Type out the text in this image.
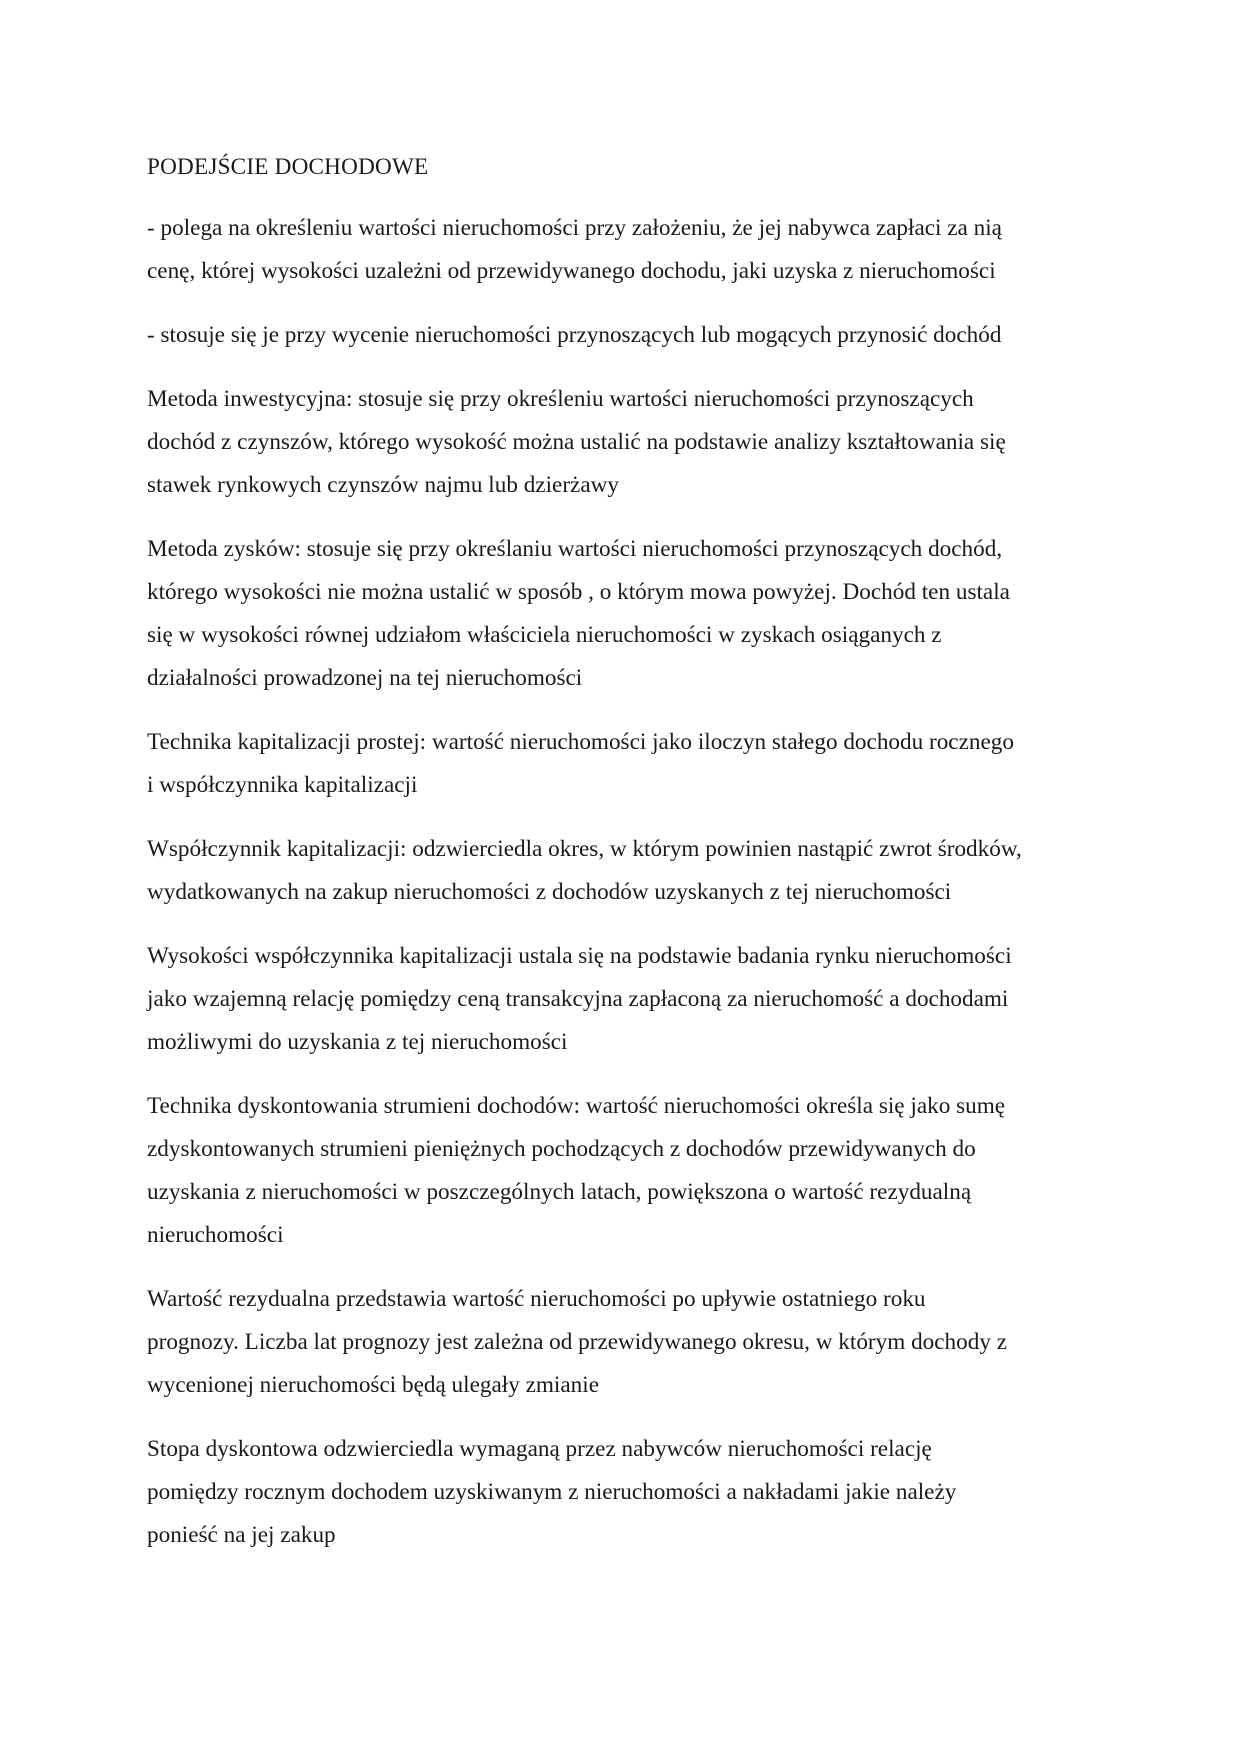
PODEJŚCIE DOCHODOWE

- polega na określeniu wartości nieruchomości przy założeniu, że jej nabywca zapłaci za nią
cenę, której wysokości uzależni od przewidywanego dochodu, jaki uzyska z nieruchomości

- stosuje się je przy wycenie nieruchomości przynoszących lub mogących przynosić dochód

Metoda inwestycyjna: stosuje się przy określeniu wartości nieruchomości przynoszących
dochód z czynszów, którego wysokość można ustalić na podstawie analizy kształtowania się
stawek rynkowych czynszów najmu lub dzierżawy

Metoda zysków: stosuje się przy określaniu wartości nieruchomości przynoszących dochód,
którego wysokości nie można ustalić w sposób , o którym mowa powyżej. Dochód ten ustala
się w wysokości równej udziałom właściciela nieruchomości w zyskach osiąganych z
działalności prowadzonej na tej nieruchomości

Technika kapitalizacji prostej: wartość nieruchomości jako iloczyn stałego dochodu rocznego
i współczynnika kapitalizacji

Współczynnik kapitalizacji: odzwierciedla okres, w którym powinien nastąpić zwrot środków,
wydatkowanych na zakup nieruchomości z dochodów uzyskanych z tej nieruchomości

Wysokości współczynnika kapitalizacji ustala się na podstawie badania rynku nieruchomości
jako wzajemną relację pomiędzy ceną transakcyjna zapłaconą za nieruchomość a dochodami
możliwymi do uzyskania z tej nieruchomości

Technika dyskontowania strumieni dochodów: wartość nieruchomości określa się jako sumę
zdyskontowanych strumieni pieniężnych pochodzących z dochodów przewidywanych do
uzyskania z nieruchomości w poszczególnych latach, powiększona o wartość rezydualną
nieruchomości

Wartość rezydualna przedstawia wartość nieruchomości po upływie ostatniego roku
prognozy. Liczba lat prognozy jest zależna od przewidywanego okresu, w którym dochody z
wycenionej nieruchomości będą ulegały zmianie

Stopa dyskontowa odzwierciedla wymaganą przez nabywców nieruchomości relację
pomiędzy rocznym dochodem uzyskiwanym z nieruchomości a nakładami jakie należy
ponieść na jej zakup
